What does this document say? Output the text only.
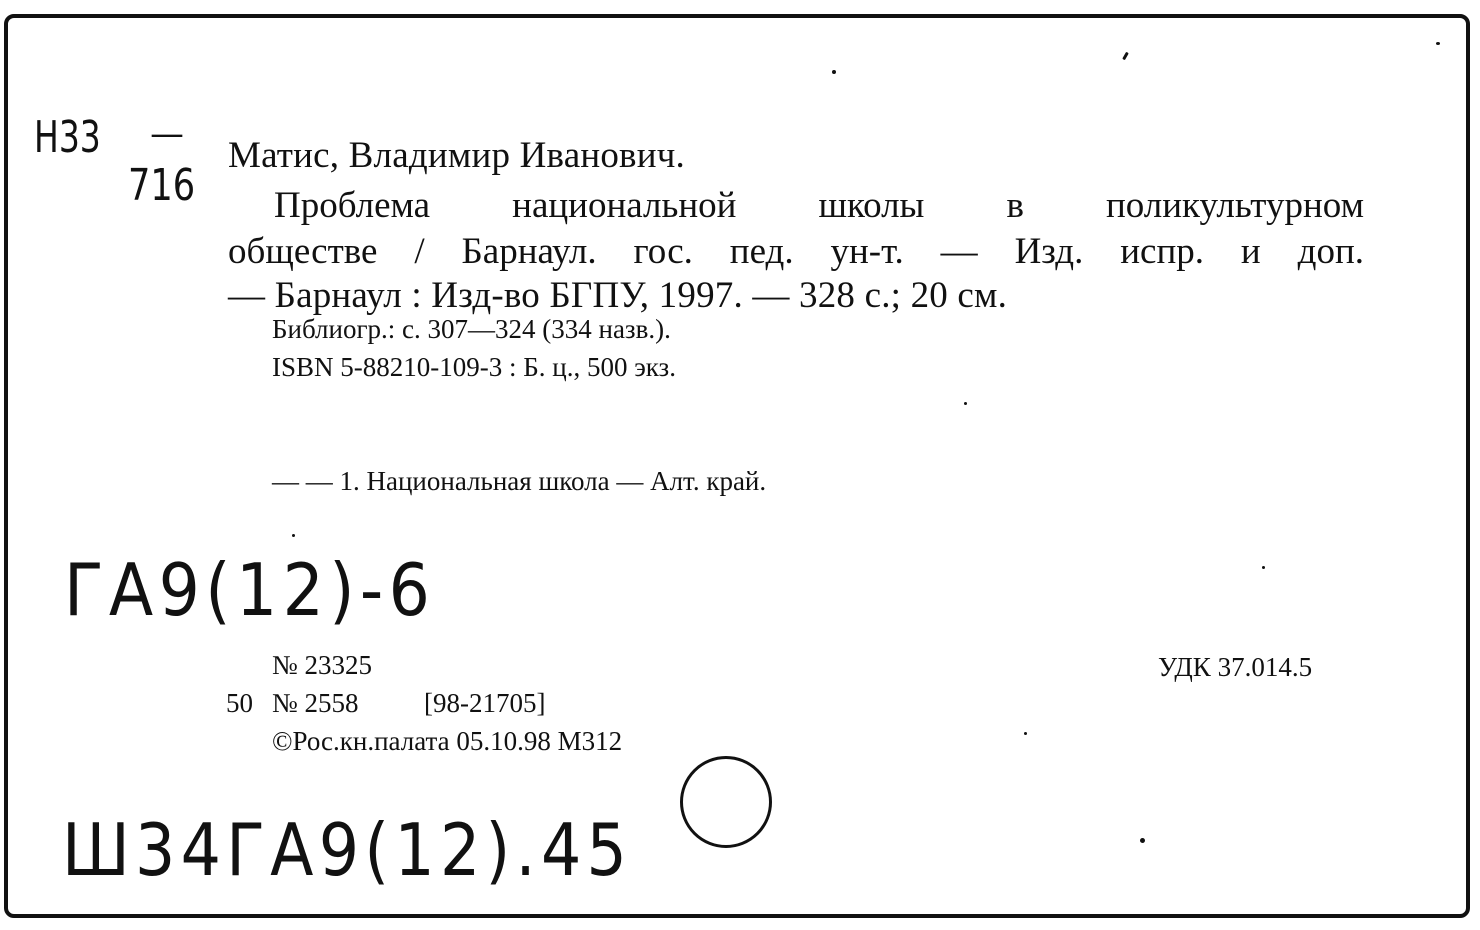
Н33 —
716
Матис, Владимир Иванович.
Проблема национальной школы в поликультурном
обществе / Барнаул. гос. пед. ун-т. — Изд. испр. и доп.
— Барнаул : Изд-во БГПУ, 1997. — 328 с.; 20 см.
Библиогр.: с. 307—324 (334 назв.).
ISBN 5-88210-109-3 : Б. ц., 500 экз.
— — 1. Национальная школа — Алт. край.
ГА9(12)-6
№ 23325
50 № 2558 [98-21705]
©Рос.кн.палата 05.10.98 М312
УДК 37.014.5
Ш34ГА9(12).45
